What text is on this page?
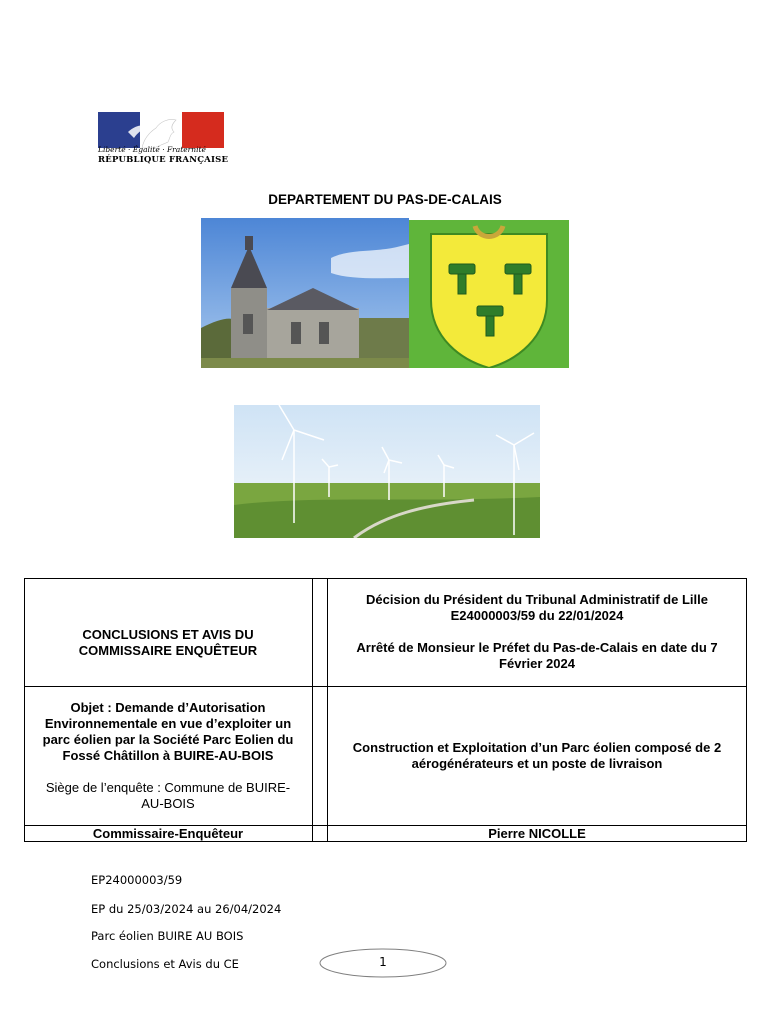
Liberté · Égalité · Fraternité
RÉPUBLIQUE FRANÇAISE
DEPARTEMENT DU PAS-DE-CALAIS
CONCLUSIONS ET AVIS DU COMMISSAIRE ENQUÊTEUR
Décision du Président du Tribunal Administratif de Lille E24000003/59 du 22/01/2024
Arrêté de Monsieur le Préfet du Pas-de-Calais en date du 7 Février 2024
Objet : Demande d’Autorisation Environnementale en vue d’exploiter un parc éolien par la Société Parc Eolien du Fossé Châtillon à BUIRE-AU-BOIS
Siège de l’enquête : Commune de BUIRE-AU-BOIS
Construction et Exploitation d’un Parc éolien composé de 2 aérogénérateurs et un poste de livraison
Commissaire-Enquêteur	Pierre NICOLLE
EP24000003/59
EP du 25/03/2024 au 26/04/2024
Parc éolien BUIRE AU BOIS
Conclusions et Avis du CE	1
